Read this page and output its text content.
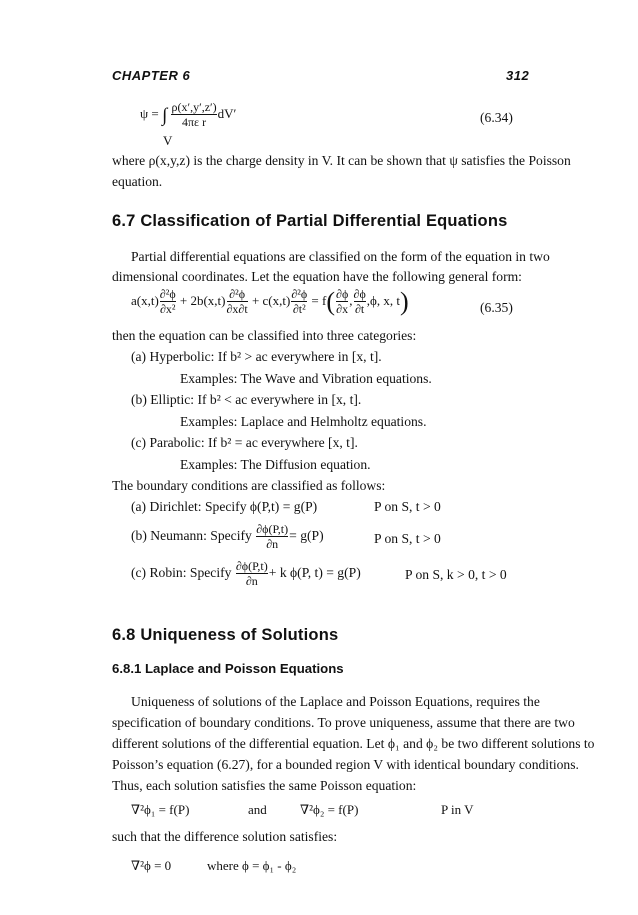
CHAPTER 6	312
ψ = ∫ $\frac{\rho(x',y',z')}{\text{4πε r}} dV'$
V
(6.34)
where ρ(x,y,z) is the charge density in V. It can be shown that ψ satisfies the Poisson
equation.
6.7 Classification of Partial Differential Equations
Partial differential equations are classified on the form of the equation in two
dimensional coordinates. Let the equation have the following general form:
$a(x,t) \frac{\text{∂²ϕ}}{\text{∂x²}} + 2b(x,t) \frac{\text{∂²ϕ}}{\partial x\partial t} + c(x,t) \frac{\text{∂²ϕ}}{\text{∂t²}} = f( \frac{\partial\phi}{\partial x}$ , $\frac{\partial\phi}{\partial t} ,\phi$, x, t)	(6.35)
then the equation can be classified into three categories:
(a) Hyperbolic: If b² > ac everywhere in [x, t].
Examples: The Wave and Vibration equations.
(b) Elliptic: If b² < ac everywhere in [x, t].
Examples: Laplace and Helmholtz equations.
(c) Parabolic: If b² = ac everywhere [x, t].
Examples: The Diffusion equation.
The boundary conditions are classified as follows:
(a) Dirichlet: Specify ϕ(P,t) = g(P)	P on S, t > 0
(b) Neumann: Specify $\frac{\partial\phi(P,t)}{\partial n} = g(P)$	P on S, t > 0
(c) Robin: Specify $\frac{\partial\phi(P,t)}{\partial n} + k$ ϕ(P, t) = g(P)	P on S, k > 0, t > 0
6.8 Uniqueness of Solutions
6.8.1 Laplace and Poisson Equations
Uniqueness of solutions of the Laplace and Poisson Equations, requires the
specification of boundary conditions. To prove uniqueness, assume that there are two
different solutions of the differential equation. Let ϕ₁ and ϕ₂ be two different solutions to
Poisson’s equation (6.27), for a bounded region V with identical boundary conditions.
Thus, each solution satisfies the same Poisson equation:
∇²ϕ₁ = f(P)	and	∇²ϕ₂ = f(P)	P in V
such that the difference solution satisfies:
∇²ϕ = 0	where ϕ = ϕ₁ - ϕ₂
